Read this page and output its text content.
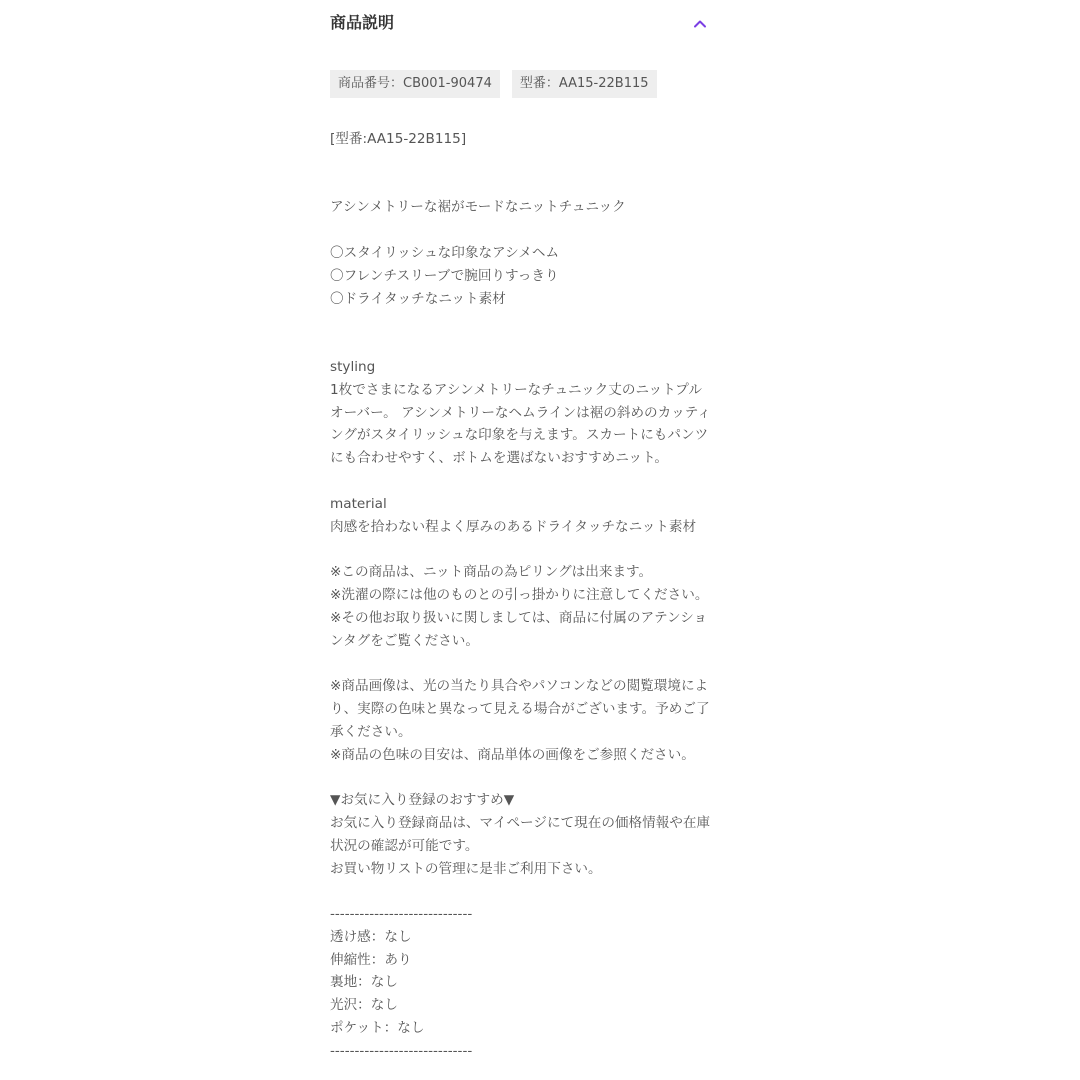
商品説明
商品番号：CB001-90474	型番：AA15-22B115
[型番:AA15-22B115]

アシンメトリーな裾がモードなニットチュニック

〇スタイリッシュな印象なアシメヘム
〇フレンチスリーブで腕回りすっきり
〇ドライタッチなニット素材

styling
1枚でさまになるアシンメトリーなチュニック丈のニットプルオーバー。 アシンメトリーなヘムラインは裾の斜めのカッティングがスタイリッシュな印象を与えます。スカートにもパンツにも合わせやすく、ボトムを選ばないおすすめニット。

material
肉感を拾わない程よく厚みのあるドライタッチなニット素材

※この商品は、ニット商品の為ピリングは出来ます。
※洗濯の際には他のものとの引っ掛かりに注意してください。
※その他お取り扱いに関しましては、商品に付属のアテンションタグをご覧ください。

※商品画像は、光の当たり具合やパソコンなどの閲覧環境により、実際の色味と異なって見える場合がございます。予めご了承ください。
※商品の色味の目安は、商品単体の画像をご参照ください。

▼お気に入り登録のおすすめ▼
お気に入り登録商品は、マイページにて現在の価格情報や在庫状況の確認が可能です。
お買い物リストの管理に是非ご利用下さい。

-----------------------------
透け感：なし
伸縮性：あり
裏地：なし
光沢：なし
ポケット：なし
-----------------------------
